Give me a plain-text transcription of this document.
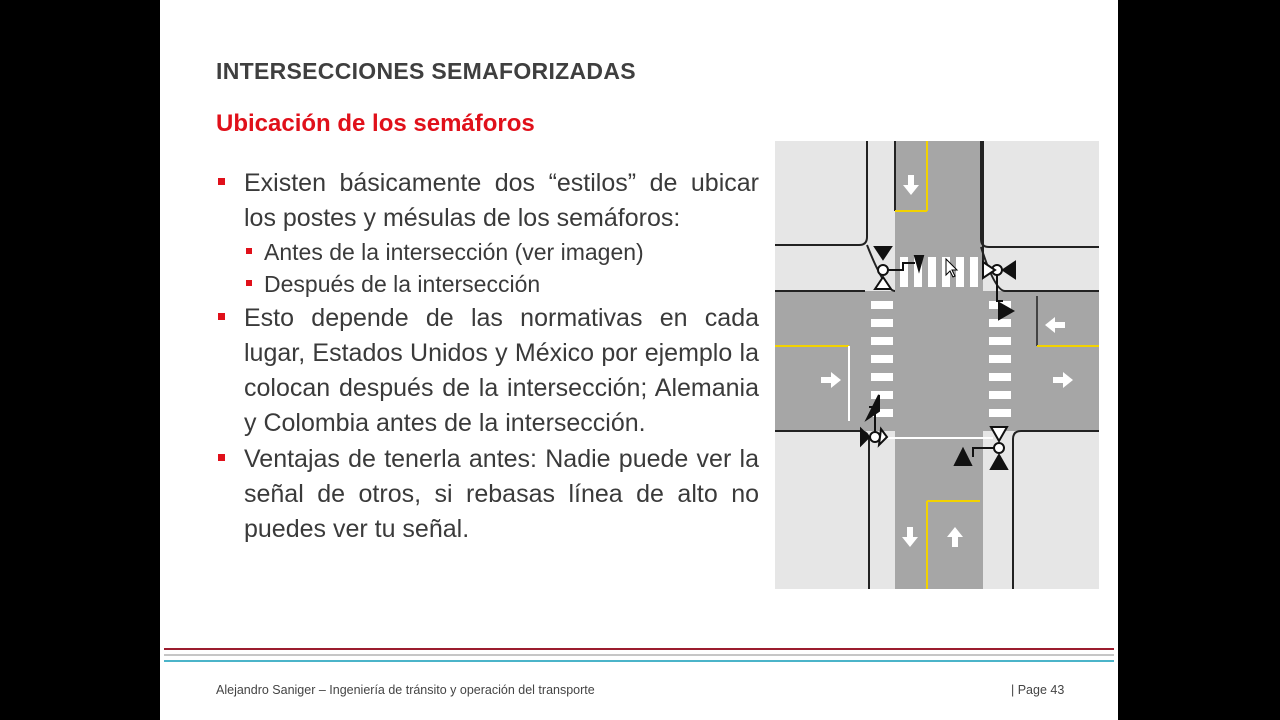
INTERSECCIONES SEMAFORIZADAS
Ubicación de los semáforos
Existen básicamente dos “estilos” de ubicar los postes y mésulas de los semáforos:
Antes de la intersección (ver imagen)
Después de la intersección
Esto depende de las normativas en cada lugar, Estados Unidos y México por ejemplo la colocan después de la intersección; Alemania y Colombia antes de la intersección.
Ventajas de tenerla antes: Nadie puede ver la señal de otros, si rebasas línea de alto no puedes ver tu señal.
Alejandro Saniger – Ingeniería de tránsito y operación del transporte	| Page 43
